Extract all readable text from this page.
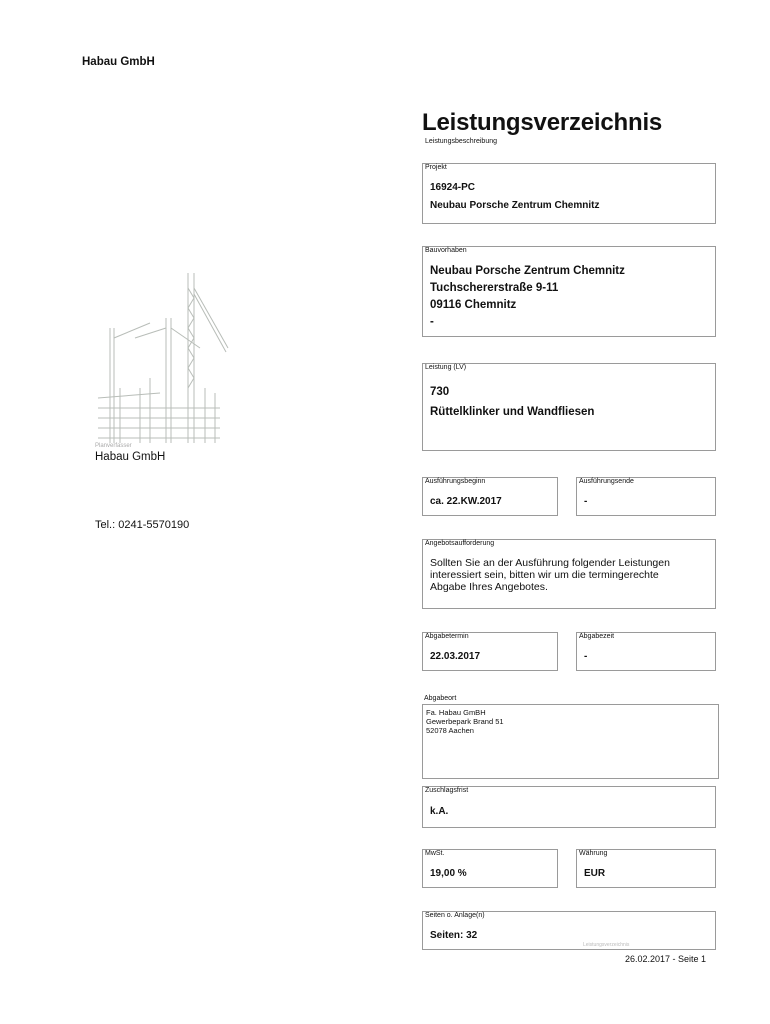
Habau GmbH
Leistungsverzeichnis
Leistungsbeschreibung
Projekt
16924-PC
Neubau Porsche Zentrum Chemnitz
Bauvorhaben
Neubau Porsche Zentrum Chemnitz
Tuchschererstraße 9-11
09116 Chemnitz
-
Leistung (LV)
730
Rüttelklinker und Wandfliesen
Ausführungsbeginn
ca. 22.KW.2017
Ausführungsende
-
Angebotsaufforderung
Sollten Sie an der Ausführung folgender Leistungen
interessiert sein, bitten wir um die termingerechte
Abgabe Ihres Angebotes.
Abgabetermin
22.03.2017
Abgabezeit
-
Abgabeort
Fa. Habau GmBH
Gewerbepark Brand 51
52078 Aachen
Zuschlagsfrist
k.A.
MwSt.
19,00 %
Währung
EUR
Seiten o. Anlage(n)
Seiten: 32
Leistungsverzeichnis
26.02.2017 - Seite 1
Planverfasser
Habau GmbH
Tel.: 0241-5570190
